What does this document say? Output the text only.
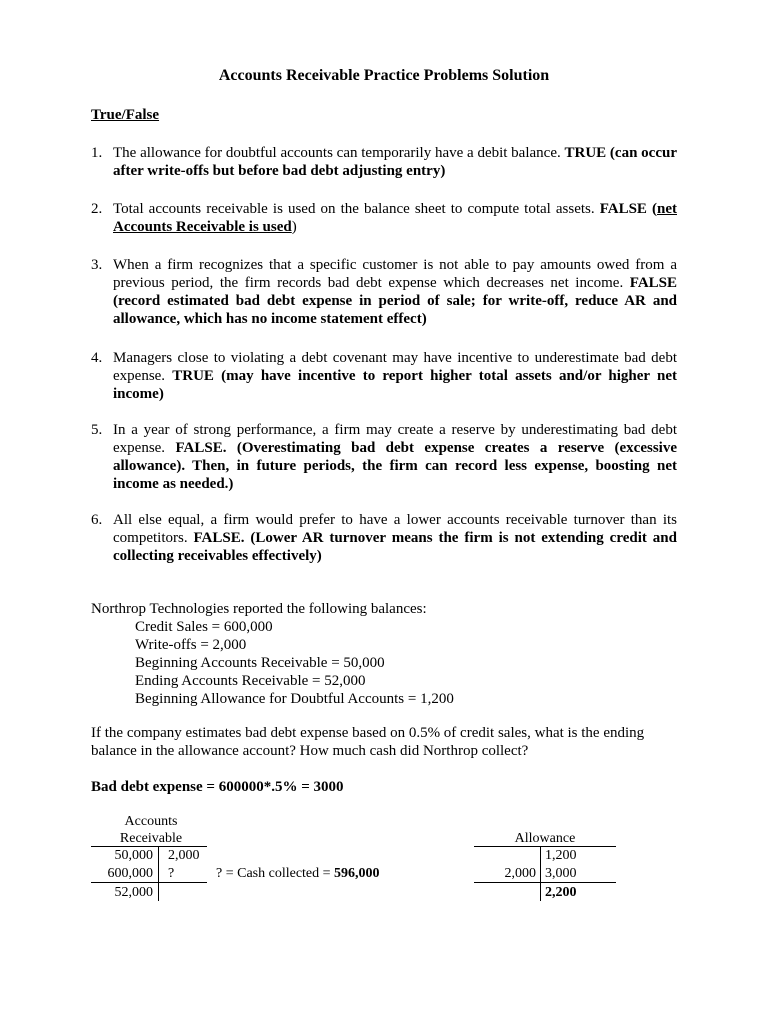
Accounts Receivable Practice Problems Solution
True/False
1. The allowance for doubtful accounts can temporarily have a debit balance. TRUE (can occur after write-offs but before bad debt adjusting entry)
2. Total accounts receivable is used on the balance sheet to compute total assets. FALSE (net Accounts Receivable is used)
3. When a firm recognizes that a specific customer is not able to pay amounts owed from a previous period, the firm records bad debt expense which decreases net income. FALSE (record estimated bad debt expense in period of sale; for write-off, reduce AR and allowance, which has no income statement effect)
4. Managers close to violating a debt covenant may have incentive to underestimate bad debt expense. TRUE (may have incentive to report higher total assets and/or higher net income)
5. In a year of strong performance, a firm may create a reserve by underestimating bad debt expense. FALSE. (Overestimating bad debt expense creates a reserve (excessive allowance). Then, in future periods, the firm can record less expense, boosting net income as needed.)
6. All else equal, a firm would prefer to have a lower accounts receivable turnover than its competitors. FALSE. (Lower AR turnover means the firm is not extending credit and collecting receivables effectively)
Northrop Technologies reported the following balances:
Credit Sales = 600,000
Write-offs = 2,000
Beginning Accounts Receivable = 50,000
Ending Accounts Receivable = 52,000
Beginning Allowance for Doubtful Accounts = 1,200
If the company estimates bad debt expense based on 0.5% of credit sales, what is the ending balance in the allowance account? How much cash did Northrop collect?
Bad debt expense = 600000*.5% = 3000
Accounts
Receivable
50,000
600,000
2,000
?
52,000
? = Cash collected = 596,000
Allowance
1,200
3,000
2,000
2,200
